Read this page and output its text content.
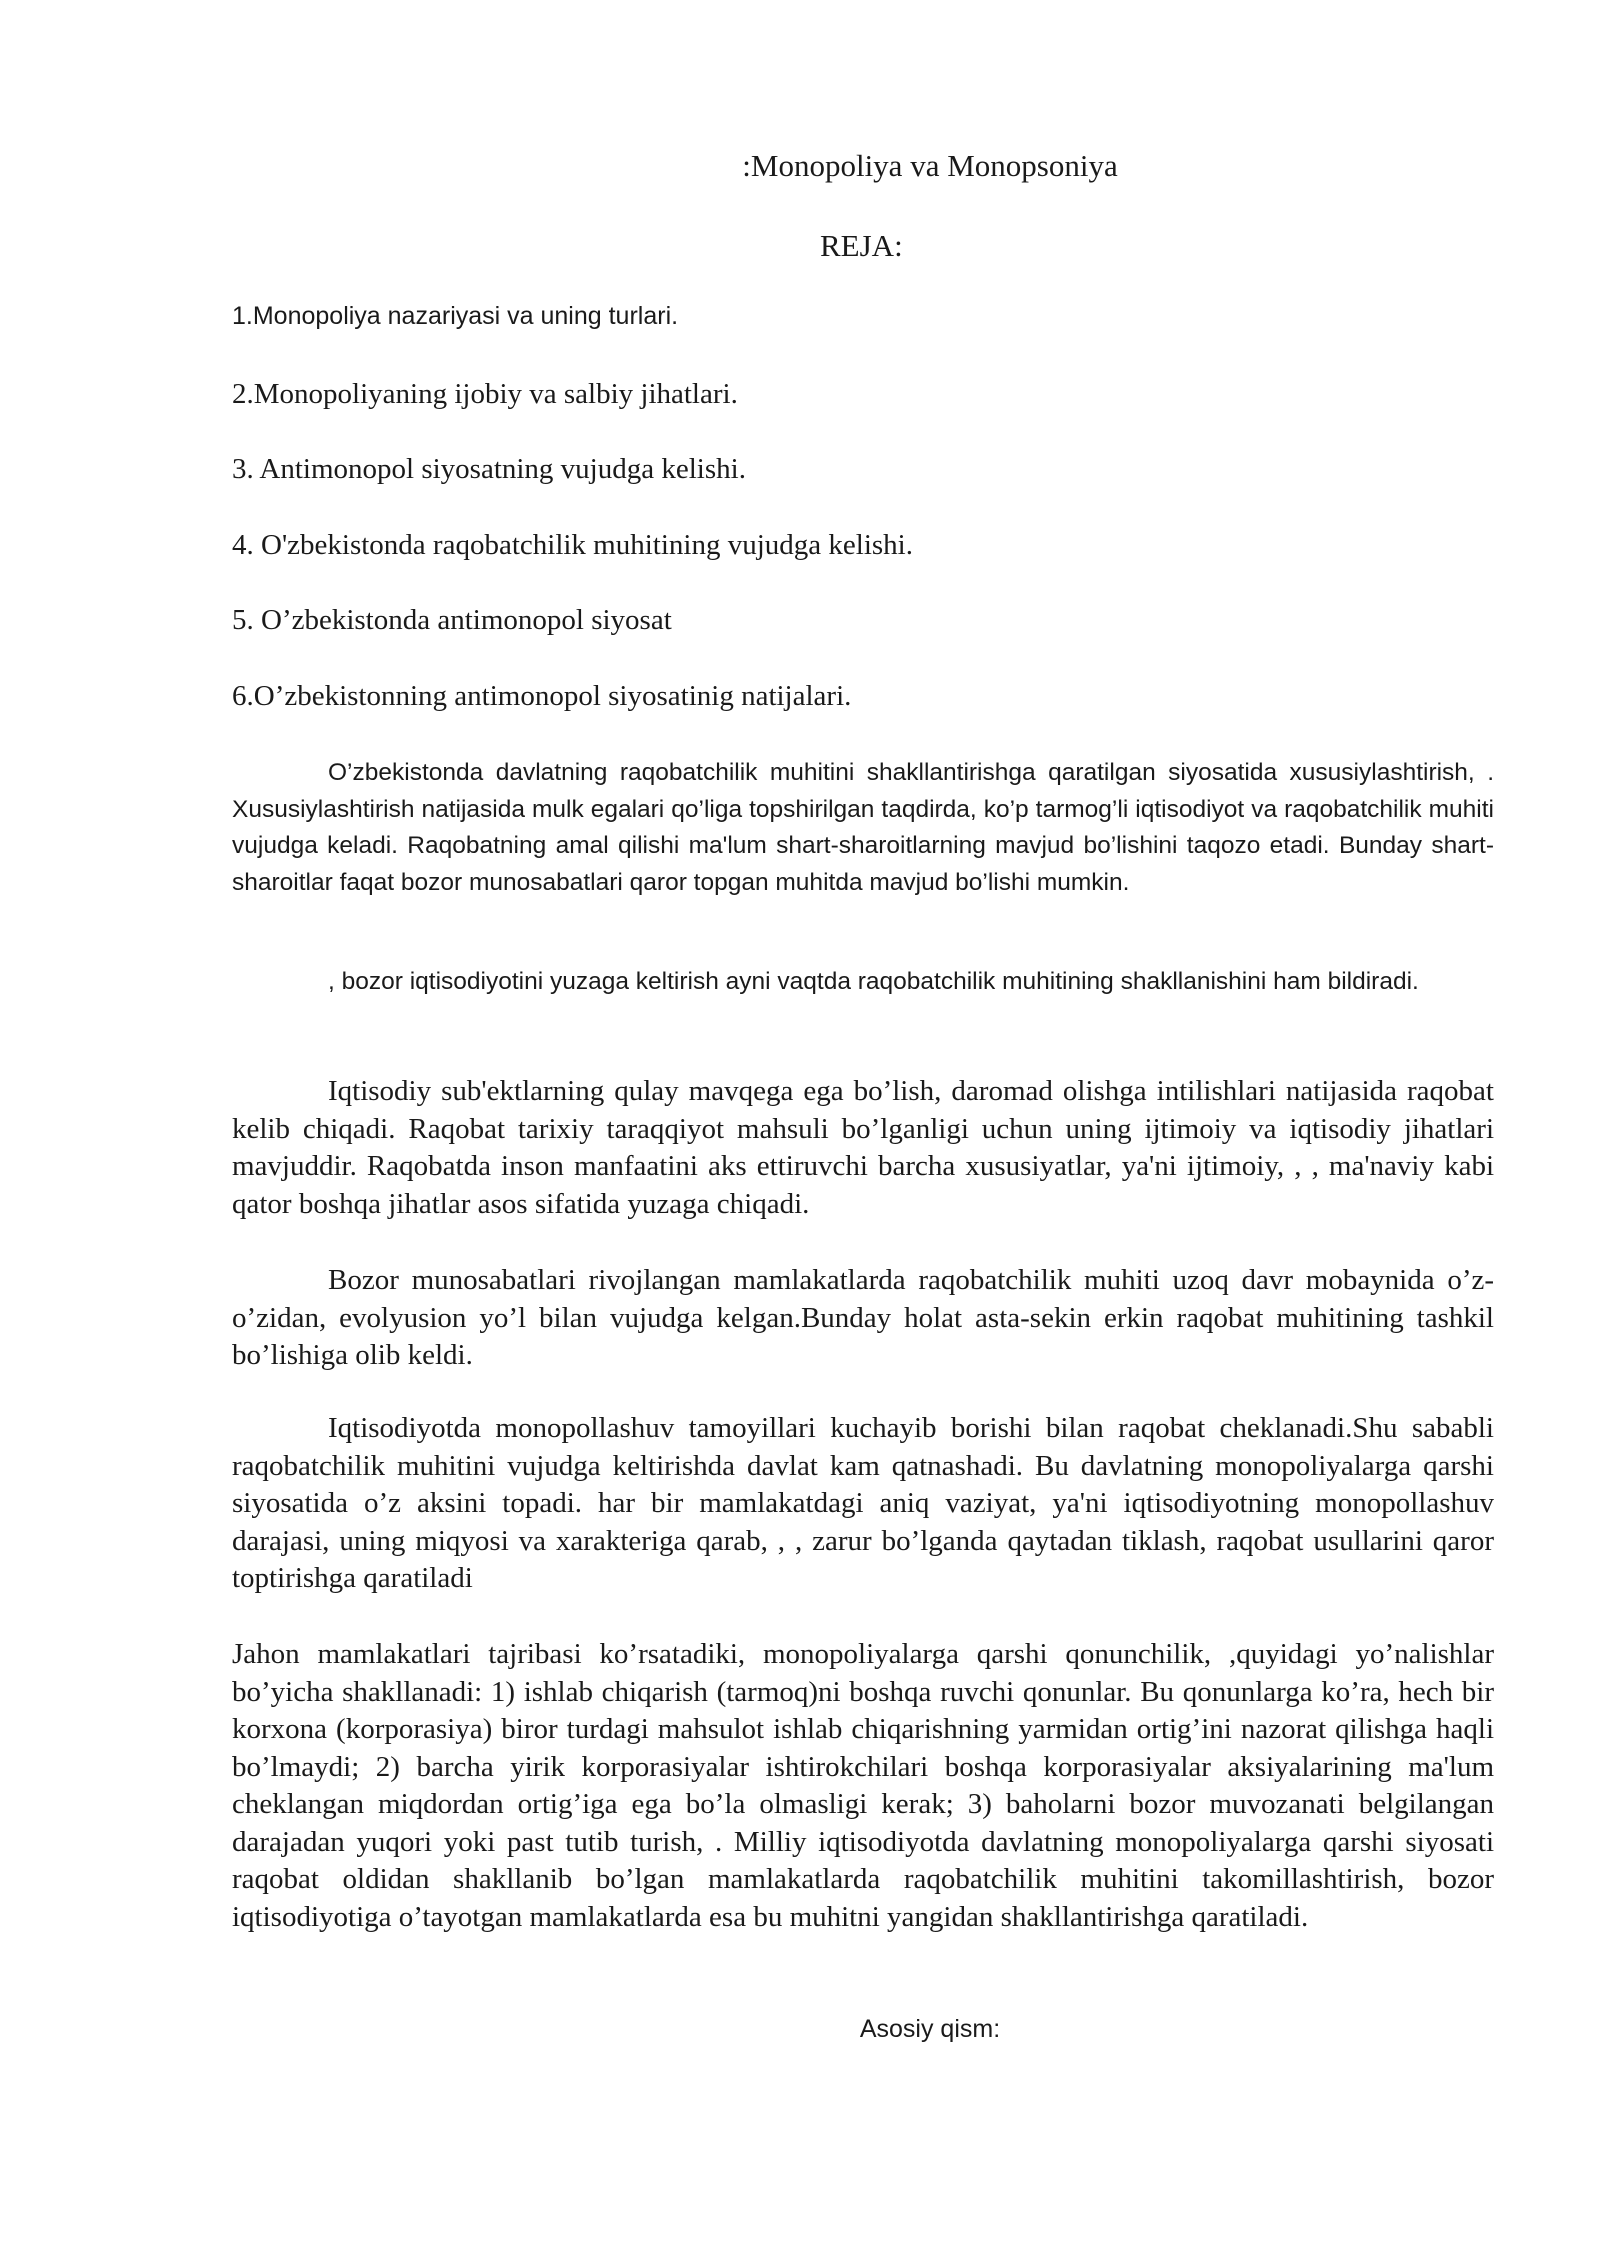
:Monopoliya va Monopsoniya
REJA:
1.Monopoliya nazariyasi va uning turlari.
2.Monopoliyaning ijobiy va salbiy jihatlari.
3. Antimonopol siyosatning vujudga kelishi.
4. O'zbekistonda raqobatchilik muhitining vujudga kelishi.
5. O’zbekistonda antimonopol siyosat
6.O’zbekistonning antimonopol siyosatinig natijalari.

O’zbekistonda davlatning raqobatchilik muhitini shakllantirishga qaratilgan siyosatida xususiylashtirish, . Xususiylashtirish natijasida mulk egalari qo’liga topshirilgan taqdirda, ko’p tarmog’li iqtisodiyot va raqobatchilik muhiti vujudga keladi. Raqobatning amal qilishi ma'lum shart-sharoitlarning mavjud bo’lishini taqozo etadi. Bunday shart-sharoitlar faqat bozor munosabatlari qaror topgan muhitda mavjud bo’lishi mumkin.

, bozor iqtisodiyotini yuzaga keltirish ayni vaqtda raqobatchilik muhitining shakllanishini ham bildiradi.

Iqtisodiy sub'ektlarning qulay mavqega ega bo’lish, daromad olishga intilishlari natijasida raqobat kelib chiqadi. Raqobat tarixiy taraqqiyot mahsuli bo’lganligi uchun uning ijtimoiy va iqtisodiy jihatlari mavjuddir. Raqobatda inson manfaatini aks ettiruvchi barcha xususiyatlar, ya'ni ijtimoiy, , , ma'naviy kabi qator boshqa jihatlar asos sifatida yuzaga chiqadi.

Bozor munosabatlari rivojlangan mamlakatlarda raqobatchilik muhiti uzoq davr mobaynida o’z-o’zidan, evolyusion yo’l bilan vujudga kelgan.Bunday holat asta-sekin erkin raqobat muhitining tashkil bo’lishiga olib keldi.

Iqtisodiyotda monopollashuv tamoyillari kuchayib borishi bilan raqobat cheklanadi.Shu sababli raqobatchilik muhitini vujudga keltirishda davlat kam qatnashadi. Bu davlatning monopoliyalarga qarshi siyosatida o’z aksini topadi. har bir mamlakatdagi aniq vaziyat, ya'ni iqtisodiyotning monopollashuv darajasi, uning miqyosi va xarakteriga qarab, , , zarur bo’lganda qaytadan tiklash, raqobat usullarini qaror toptirishga qaratiladi

Jahon mamlakatlari tajribasi ko’rsatadiki, monopoliyalarga qarshi qonunchilik, ,quyidagi yo’nalishlar bo’yicha shakllanadi: 1) ishlab chiqarish (tarmoq)ni boshqa ruvchi qonunlar. Bu qonunlarga ko’ra, hech bir korxona (korporasiya) biror turdagi mahsulot ishlab chiqarishning yarmidan ortig’ini nazorat qilishga haqli bo’lmaydi; 2) barcha yirik korporasiyalar ishtirokchilari boshqa korporasiyalar aksiyalarining ma'lum cheklangan miqdordan ortig’iga ega bo’la olmasligi kerak; 3) baholarni bozor muvozanati belgilangan darajadan yuqori yoki past tutib turish, . Milliy iqtisodiyotda davlatning monopoliyalarga qarshi siyosati raqobat oldidan shakllanib bo’lgan mamlakatlarda raqobatchilik muhitini takomillashtirish, bozor iqtisodiyotiga o’tayotgan mamlakatlarda esa bu muhitni yangidan shakllantirishga qaratiladi.

Asosiy qism:
